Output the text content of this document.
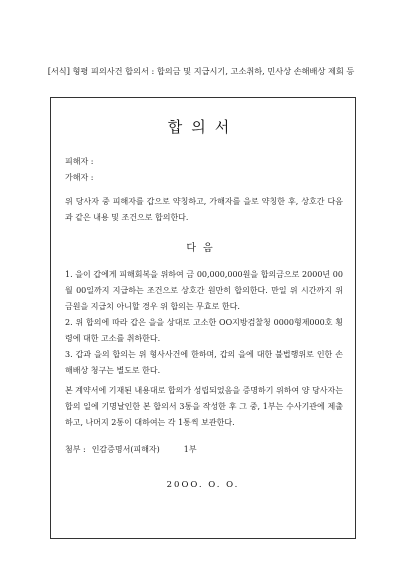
[서식] 형평 피의사건 합의서 : 합의금 및 지급시기, 고소취하, 민사상 손해배상 제회 등
합의서
피해자 :
가해자 :
위 당사자 중 피해자를 갑으로 약칭하고, 가해자를 을로 약칭한 후, 상호간 다음과 같은 내용 및 조건으로 합의한다.
다음

1. 을이 갑에게 피해회복을 위하여 금 00,000,000원을 합의금으로 2000년 00월 00일까지 지급하는 조건으로 상호간 원만히 합의한다. 만일 위 시간까지 위 금원을 지급치 아니할 경우 위 합의는 무효로 한다.

2. 위 합의에 따라 갑은 을을 상대로 고소한 OO지방검찰청 0000형제000호 횡령에 대한 고소를 취하한다.

3. 갑과 을의 합의는 위 형사사건에 한하며, 갑의 을에 대한 불법행위로 인한 손해배상 청구는 별도로 한다.

본 계약서에 기재된 내용대로 합의가 성립되었음을 증명하기 위하여 양 당사자는 합의 일에 기명날인한 본 합의서 3통을 작성한 후 그 중, 1부는 수사기관에 제출하고, 나머지 2통이 대하여는 각 1통씩 보관한다.
첨부 : 인감증명서(피해자)	1부
20OO. O. O.
